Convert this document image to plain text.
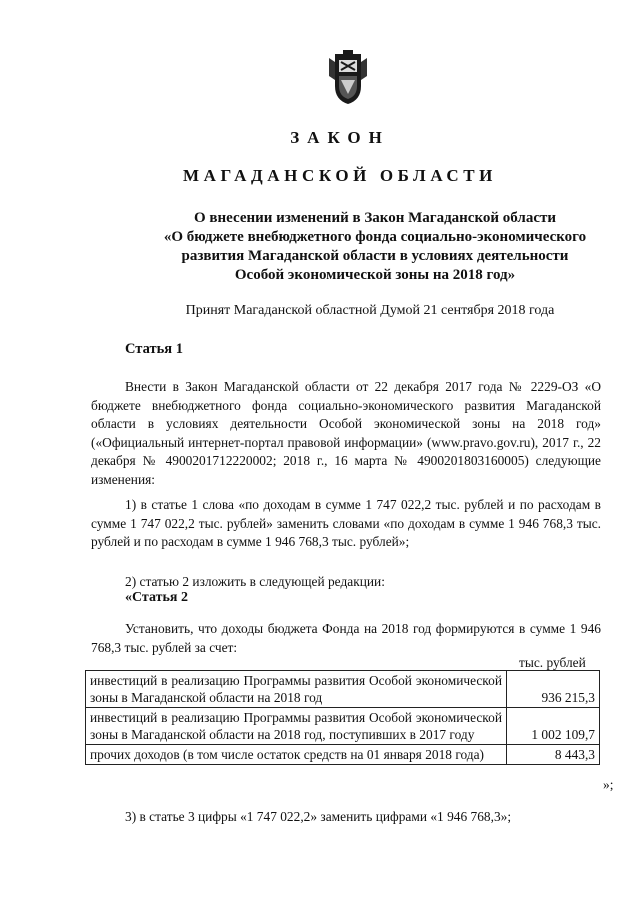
ЗАКОН
МАГАДАНСКОЙ ОБЛАСТИ
О внесении изменений в Закон Магаданской области
«О бюджете внебюджетного фонда социально-экономического
развития Магаданской области в условиях деятельности
Особой экономической зоны на 2018 год»
Принят Магаданской областной Думой 21 сентября 2018 года
Статья 1
Внести в Закон Магаданской области от 22 декабря 2017 года № 2229-ОЗ «О бюджете внебюджетного фонда социально-экономического развития Магаданской области в условиях деятельности Особой экономической зоны на 2018 год» («Официальный интернет-портал правовой информации» (www.pravo.gov.ru), 2017 г., 22 декабря № 4900201712220002; 2018 г., 16 марта № 4900201803160005) следующие изменения:
1) в статье 1 слова «по доходам в сумме 1 747 022,2 тыс. рублей и по расходам в сумме 1 747 022,2 тыс. рублей» заменить словами «по доходам в сумме 1 946 768,3 тыс. рублей и по расходам в сумме 1 946 768,3 тыс. рублей»;
2) статью 2 изложить в следующей редакции:
«Статья 2
Установить, что доходы бюджета Фонда на 2018 год формируются в сумме 1 946 768,3 тыс. рублей за счет:
тыс. рублей
инвестиций в реализацию Программы развития Особой экономической зоны в Магаданской области на 2018 год	936 215,3
инвестиций в реализацию Программы развития Особой экономической зоны в Магаданской области на 2018 год, поступивших в 2017 году	1 002 109,7
прочих доходов (в том числе остаток средств на 01 января 2018 года)	8 443,3
»;
3) в статье 3 цифры «1 747 022,2» заменить цифрами «1 946 768,3»;
